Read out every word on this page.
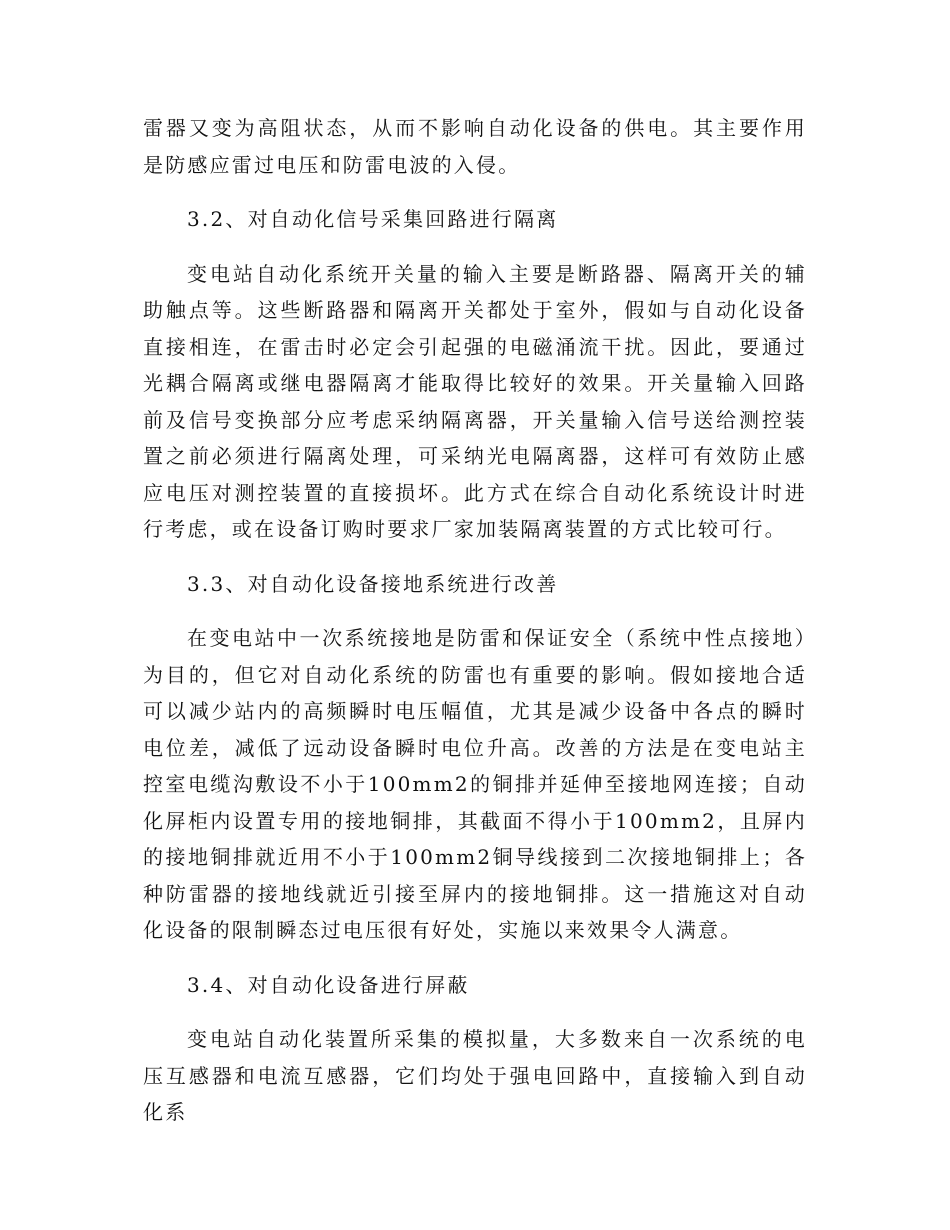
雷器又变为高阻状态，从而不影响自动化设备的供电。其主要作用是防感应雷过电压和防雷电波的入侵。

3.2、对自动化信号采集回路进行隔离

变电站自动化系统开关量的输入主要是断路器、隔离开关的辅助触点等。这些断路器和隔离开关都处于室外，假如与自动化设备直接相连，在雷击时必定会引起强的电磁涌流干扰。因此，要通过光耦合隔离或继电器隔离才能取得比较好的效果。开关量输入回路前及信号变换部分应考虑采纳隔离器，开关量输入信号送给测控装置之前必须进行隔离处理，可采纳光电隔离器，这样可有效防止感应电压对测控装置的直接损坏。此方式在综合自动化系统设计时进行考虑，或在设备订购时要求厂家加装隔离装置的方式比较可行。

3.3、对自动化设备接地系统进行改善

在变电站中一次系统接地是防雷和保证安全（系统中性点接地）为目的，但它对自动化系统的防雷也有重要的影响。假如接地合适可以减少站内的高频瞬时电压幅值，尤其是减少设备中各点的瞬时电位差，减低了远动设备瞬时电位升高。改善的方法是在变电站主控室电缆沟敷设不小于100mm2的铜排并延伸至接地网连接；自动化屏柜内设置专用的接地铜排，其截面不得小于100mm2，且屏内的接地铜排就近用不小于100mm2铜导线接到二次接地铜排上；各种防雷器的接地线就近引接至屏内的接地铜排。这一措施这对自动化设备的限制瞬态过电压很有好处，实施以来效果令人满意。

3.4、对自动化设备进行屏蔽

变电站自动化装置所采集的模拟量，大多数来自一次系统的电压互感器和电流互感器，它们均处于强电回路中，直接输入到自动化系
